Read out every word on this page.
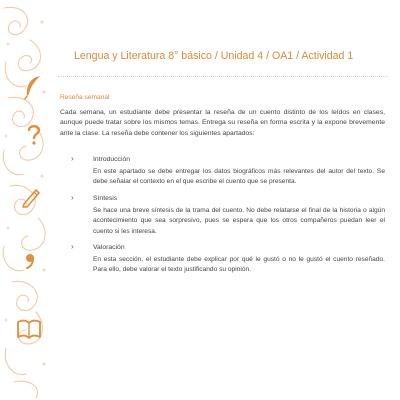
Lengua y Literatura 8° básico / Unidad 4 / OA1 / Actividad 1
Reseña semanal
Cada semana, un estudiante debe presentar la reseña de un cuento distinto de los leídos en clases, aunque puede tratar sobre los mismos temas. Entrega su reseña en forma escrita y la expone brevemente ante la clase. La reseña debe contener los siguientes apartados:
›	Introducción
En este apartado se debe entregar los datos biográficos más relevantes del autor del texto. Se debe señalar el contexto en el que escribe el cuento que se presenta.
›	Síntesis
Se hace una breve síntesis de la trama del cuento. No debe relatarse el final de la historia o algún acontecimiento que sea sorpresivo, pues se espera que los otros compañeros puedan leer el cuento si les interesa.
›	Valoración
En esta sección, el estudiante debe explicar por qué le gustó o no le gustó el cuento reseñado. Para ello, debe valorar el texto justificando su opinión.
